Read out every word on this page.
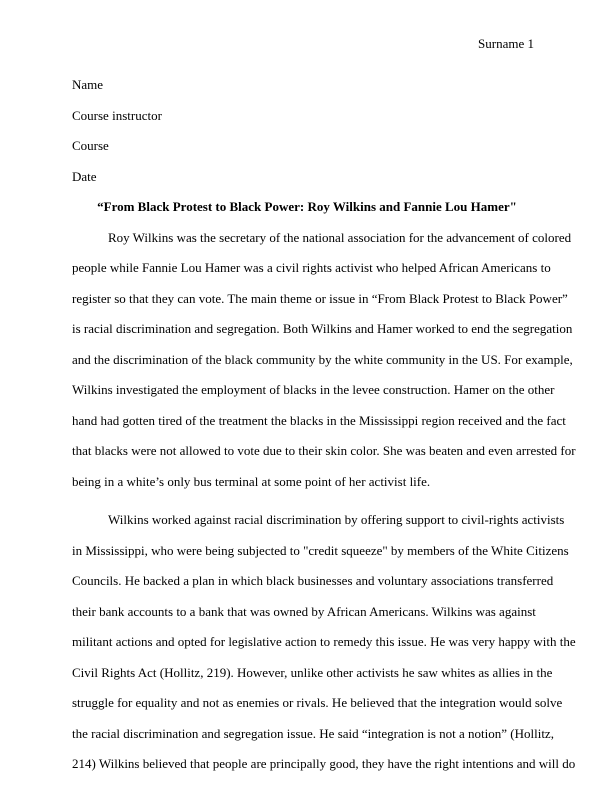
Surname 1

Name

Course instructor

Course

Date

“From Black Protest to Black Power: Roy Wilkins and Fannie Lou Hamer"

Roy Wilkins was the secretary of the national association for the advancement of colored
people while Fannie Lou Hamer was a civil rights activist who helped African Americans to
register so that they can vote. The main theme or issue in “From Black Protest to Black Power”
is racial discrimination and segregation. Both Wilkins and Hamer worked to end the segregation
and the discrimination of the black community by the white community in the US. For example,
Wilkins investigated the employment of blacks in the levee construction. Hamer on the other
hand had gotten tired of the treatment the blacks in the Mississippi region received and the fact
that blacks were not allowed to vote due to their skin color. She was beaten and even arrested for
being in a white’s only bus terminal at some point of her activist life.
Wilkins worked against racial discrimination by offering support to civil-rights activists
in Mississippi, who were being subjected to "credit squeeze" by members of the White Citizens
Councils. He backed a plan in which black businesses and voluntary associations transferred
their bank accounts to a bank that was owned by African Americans. Wilkins was against
militant actions and opted for legislative action to remedy this issue. He was very happy with the
Civil Rights Act (Hollitz, 219). However, unlike other activists he saw whites as allies in the
struggle for equality and not as enemies or rivals. He believed that the integration would solve
the racial discrimination and segregation issue. He said “integration is not a notion” (Hollitz,
214) Wilkins believed that people are principally good, they have the right intentions and will do
